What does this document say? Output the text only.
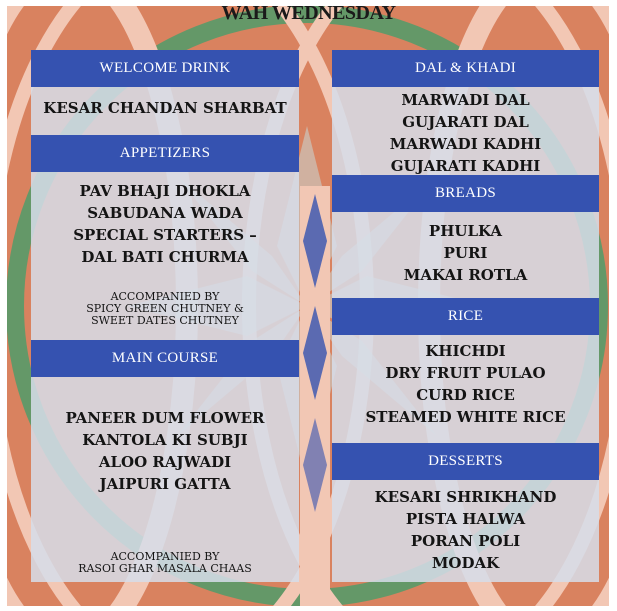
WAH WEDNESDAY
WELCOME DRINK
KESAR CHANDAN SHARBAT
APPETIZERS
PAV BHAJI DHOKLA
SABUDANA WADA
SPECIAL STARTERS –
DAL BATI CHURMA
ACCOMPANIED BY
SPICY GREEN CHUTNEY &
SWEET DATES CHUTNEY
MAIN COURSE
PANEER DUM FLOWER
KANTOLA KI SUBJI
ALOO RAJWADI
JAIPURI GATTA
ACCOMPANIED BY
RASOI GHAR MASALA CHAAS
DAL & KHADI
MARWADI DAL
GUJARATI DAL
MARWADI KADHI
GUJARATI KADHI
BREADS
PHULKA
PURI
MAKAI ROTLA
RICE
KHICHDI
DRY FRUIT PULAO
CURD RICE
STEAMED WHITE RICE
DESSERTS
KESARI SHRIKHAND
PISTA HALWA
PORAN POLI
MODAK
